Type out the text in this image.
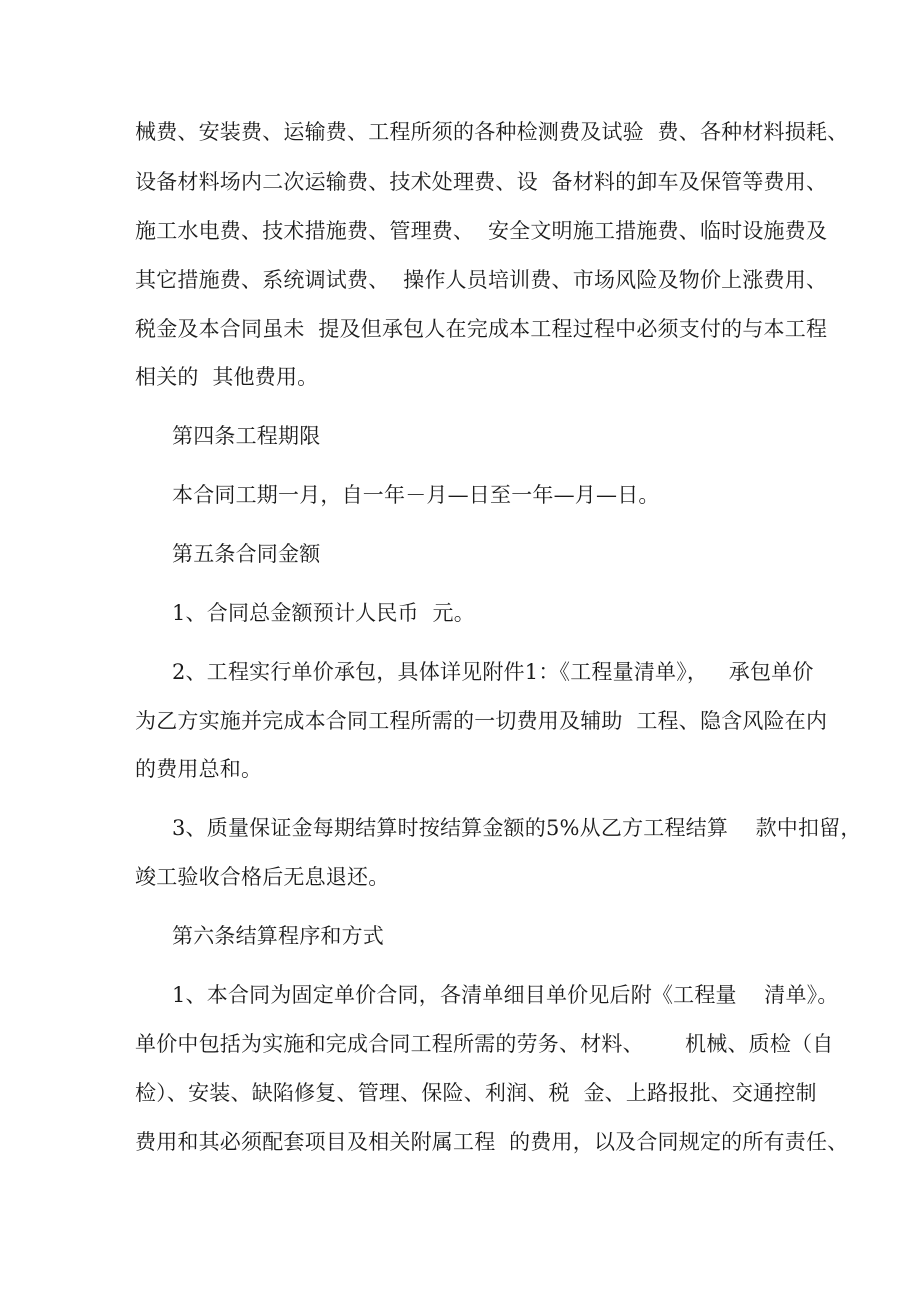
械费、安装费、运输费、工程所须的各种检测费及试验  费、各种材料损耗、
设备材料场内二次运输费、技术处理费、设  备材料的卸车及保管等费用、
施工水电费、技术措施费、管理费、  安全文明施工措施费、临时设施费及
其它措施费、系统调试费、  操作人员培训费、市场风险及物价上涨费用、
税金及本合同虽未  提及但承包人在完成本工程过程中必须支付的与本工程
相关的  其他费用。
第四条工程期限
本合同工期一月，自一年－月—日至一年—月—日。
第五条合同金额
1、合同总金额预计人民币  元。
2、工程实行单价承包，具体详见附件1：《工程量清单》，   承包单价
为乙方实施并完成本合同工程所需的一切费用及辅助  工程、隐含风险在内
的费用总和。
3、质量保证金每期结算时按结算金额的5%从乙方工程结算    款中扣留，
竣工验收合格后无息退还。
第六条结算程序和方式
1、本合同为固定单价合同，各清单细目单价见后附《工程量    清单》。
单价中包括为实施和完成合同工程所需的劳务、材料、      机械、质检（自
检）、安装、缺陷修复、管理、保险、利润、税  金、上路报批、交通控制
费用和其必须配套项目及相关附属工程  的费用，以及合同规定的所有责任、
